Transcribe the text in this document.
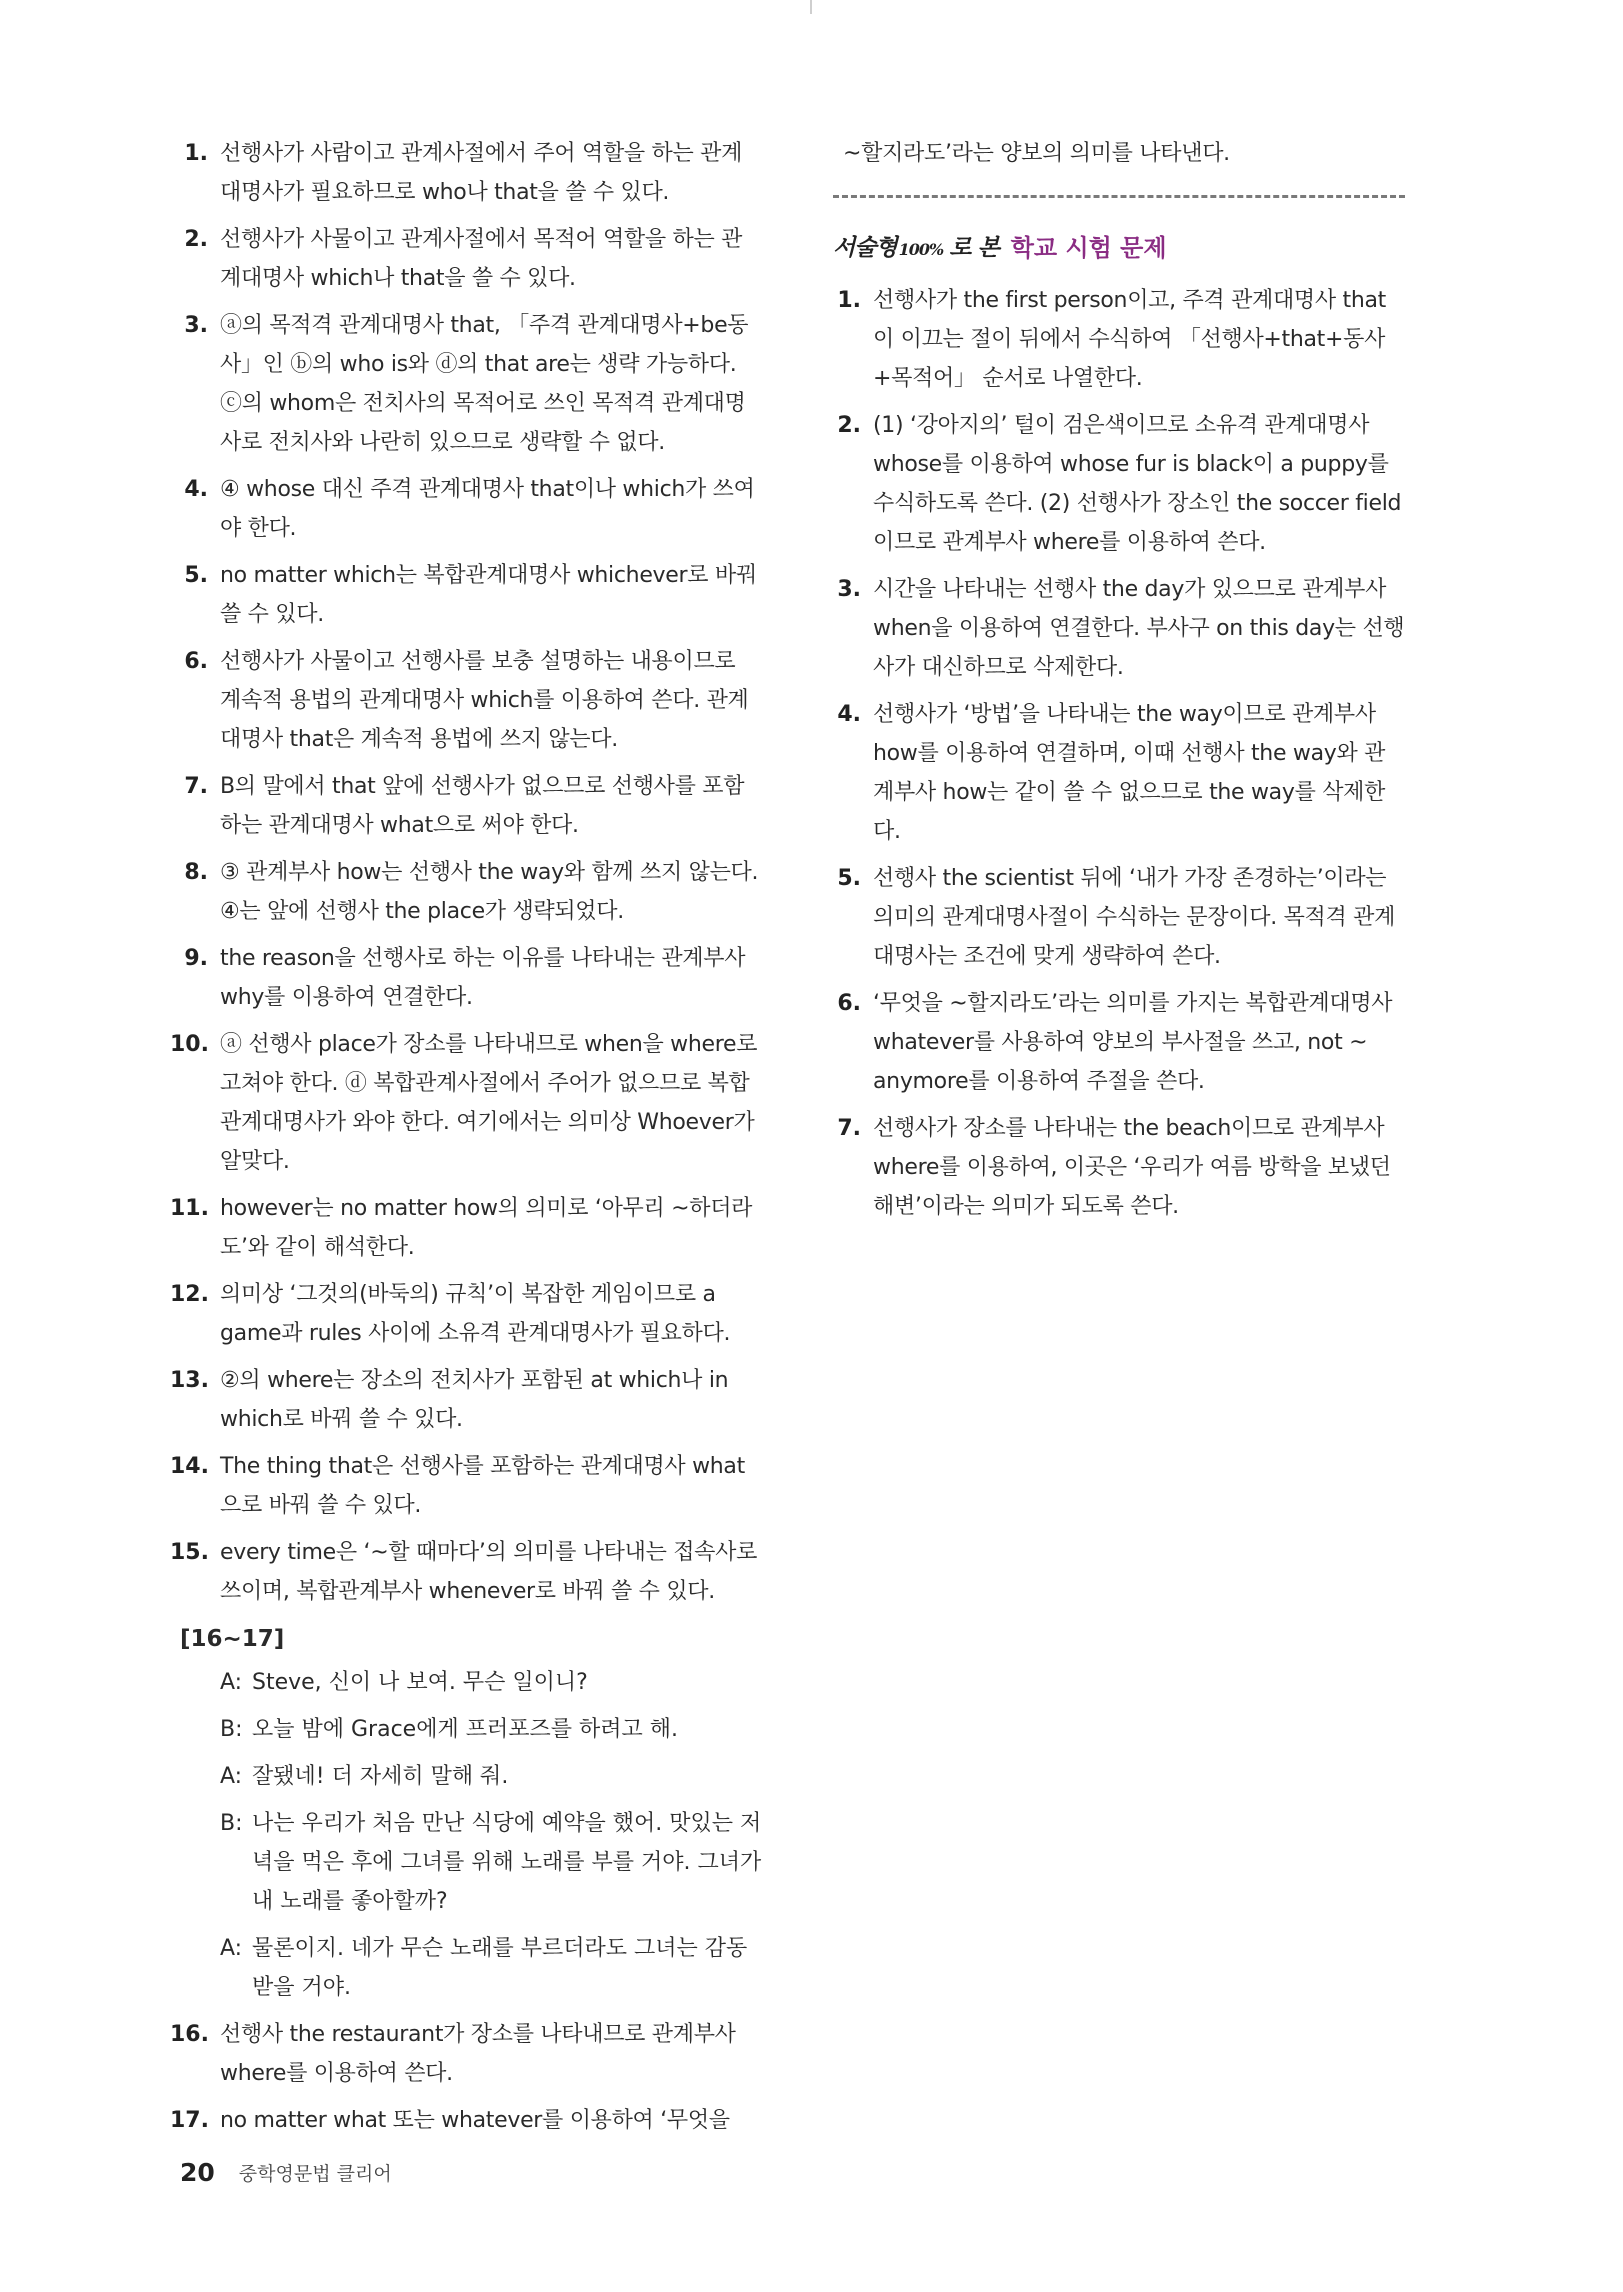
1. 선행사가 사람이고 관계사절에서 주어 역할을 하는 관계대명사가 필요하므로 who나 that을 쓸 수 있다.
2. 선행사가 사물이고 관계사절에서 목적어 역할을 하는 관계대명사 which나 that을 쓸 수 있다.
3. ⓐ의 목적격 관계대명사 that, 「주격 관계대명사+be동사」인 ⓑ의 who is와 ⓓ의 that are는 생략 가능하다. ⓒ의 whom은 전치사의 목적어로 쓰인 목적격 관계대명사로 전치사와 나란히 있으므로 생략할 수 없다.
4. ④ whose 대신 주격 관계대명사 that이나 which가 쓰여야 한다.
5. no matter which는 복합관계대명사 whichever로 바꿔 쓸 수 있다.
6. 선행사가 사물이고 선행사를 보충 설명하는 내용이므로 계속적 용법의 관계대명사 which를 이용하여 쓴다. 관계대명사 that은 계속적 용법에 쓰지 않는다.
7. B의 말에서 that 앞에 선행사가 없으므로 선행사를 포함하는 관계대명사 what으로 써야 한다.
8. ③ 관계부사 how는 선행사 the way와 함께 쓰지 않는다. ④는 앞에 선행사 the place가 생략되었다.
9. the reason을 선행사로 하는 이유를 나타내는 관계부사 why를 이용하여 연결한다.
10. ⓐ 선행사 place가 장소를 나타내므로 when을 where로 고쳐야 한다. ⓓ 복합관계사절에서 주어가 없으므로 복합관계대명사가 와야 한다. 여기에서는 의미상 Whoever가 알맞다.
11. however는 no matter how의 의미로 ‘아무리 ~하더라도’와 같이 해석한다.
12. 의미상 ‘그것의(바둑의) 규칙’이 복잡한 게임이므로 a game과 rules 사이에 소유격 관계대명사가 필요하다.
13. ②의 where는 장소의 전치사가 포함된 at which나 in which로 바꿔 쓸 수 있다.
14. The thing that은 선행사를 포함하는 관계대명사 what으로 바꿔 쓸 수 있다.
15. every time은 ‘~할 때마다’의 의미를 나타내는 접속사로 쓰이며, 복합관계부사 whenever로 바꿔 쓸 수 있다.
[16~17]
A: Steve, 신이 나 보여. 무슨 일이니?
B: 오늘 밤에 Grace에게 프러포즈를 하려고 해.
A: 잘됐네! 더 자세히 말해 줘.
B: 나는 우리가 처음 만난 식당에 예약을 했어. 맛있는 저녁을 먹은 후에 그녀를 위해 노래를 부를 거야. 그녀가 내 노래를 좋아할까?
A: 물론이지. 네가 무슨 노래를 부르더라도 그녀는 감동받을 거야.
16. 선행사 the restaurant가 장소를 나타내므로 관계부사 where를 이용하여 쓴다.
17. no matter what 또는 whatever를 이용하여 ‘무엇을
~할지라도’라는 양보의 의미를 나타낸다.
서술형 100% 로 본 학교 시험 문제
1. 선행사가 the first person이고, 주격 관계대명사 that이 이끄는 절이 뒤에서 수식하여 「선행사+that+동사+목적어」 순서로 나열한다.
2. (1) ‘강아지의’ 털이 검은색이므로 소유격 관계대명사 whose를 이용하여 whose fur is black이 a puppy를 수식하도록 쓴다. (2) 선행사가 장소인 the soccer field이므로 관계부사 where를 이용하여 쓴다.
3. 시간을 나타내는 선행사 the day가 있으므로 관계부사 when을 이용하여 연결한다. 부사구 on this day는 선행사가 대신하므로 삭제한다.
4. 선행사가 ‘방법’을 나타내는 the way이므로 관계부사 how를 이용하여 연결하며, 이때 선행사 the way와 관계부사 how는 같이 쓸 수 없으므로 the way를 삭제한다.
5. 선행사 the scientist 뒤에 ‘내가 가장 존경하는’이라는 의미의 관계대명사절이 수식하는 문장이다. 목적격 관계대명사는 조건에 맞게 생략하여 쓴다.
6. ‘무엇을 ~할지라도’라는 의미를 가지는 복합관계대명사 whatever를 사용하여 양보의 부사절을 쓰고, not ~ anymore를 이용하여 주절을 쓴다.
7. 선행사가 장소를 나타내는 the beach이므로 관계부사 where를 이용하여, 이곳은 ‘우리가 여름 방학을 보냈던 해변’이라는 의미가 되도록 쓴다.
20 중학영문법 클리어
